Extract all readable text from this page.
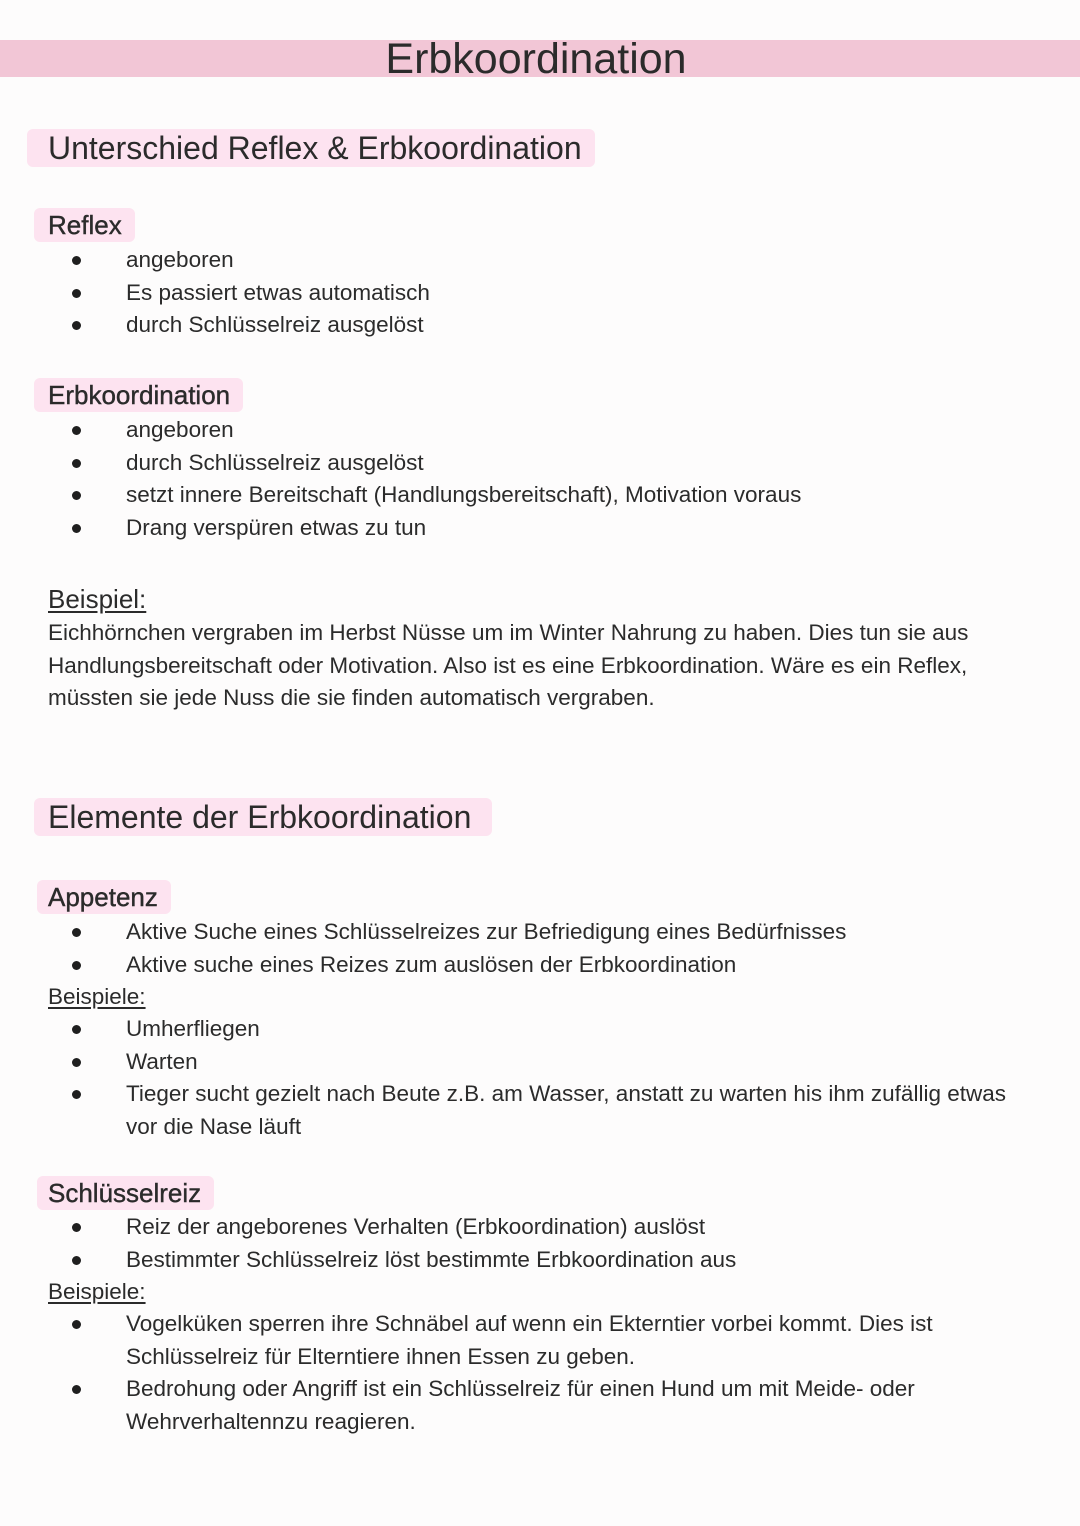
Erbkoordination
Unterschied Reflex & Erbkoordination
Reflex
angeboren
Es passiert etwas automatisch
durch Schlüsselreiz ausgelöst
Erbkoordination
angeboren
durch Schlüsselreiz ausgelöst
setzt innere Bereitschaft (Handlungsbereitschaft), Motivation voraus
Drang verspüren etwas zu tun

Beispiel:

Eichhörnchen vergraben im Herbst Nüsse um im Winter Nahrung zu haben. Dies tun sie aus
Handlungsbereitschaft oder Motivation. Also ist es eine Erbkoordination. Wäre es ein Reflex,
müssten sie jede Nuss die sie finden automatisch vergraben.
Elemente der Erbkoordination
Appetenz
Aktive Suche eines Schlüsselreizes zur Befriedigung eines Bedürfnisses
Aktive suche eines Reizes zum auslösen der Erbkoordination

Beispiele:

Umherfliegen
Warten
Tieger sucht gezielt nach Beute z.B. am Wasser, anstatt zu warten his ihm zufällig etwas vor die Nase läuft
Schlüsselreiz
Reiz der angeborenes Verhalten (Erbkoordination) auslöst
Bestimmter Schlüsselreiz löst bestimmte Erbkoordination aus

Beispiele:

Vogelküken sperren ihre Schnäbel auf wenn ein Ekterntier vorbei kommt. Dies ist Schlüsselreiz für Elterntiere ihnen Essen zu geben.
Bedrohung oder Angriff ist ein Schlüsselreiz für einen Hund um mit Meide- oder Wehrverhaltennzu reagieren.
